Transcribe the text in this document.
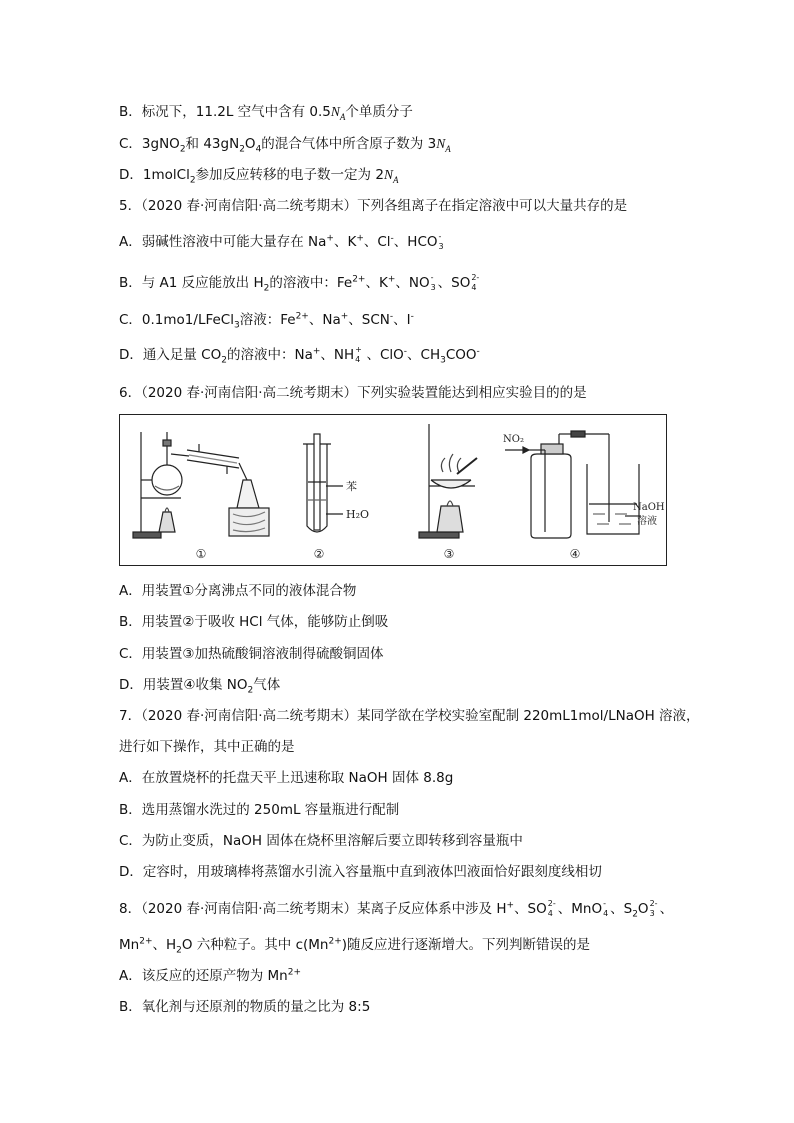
B．标况下，11.2L 空气中含有 $0.5N_A$个单质分子
C．3gNO$_2$和 $43gN_2O_4$的混合气体中所含原子数为 $3N_A$
D．1molCl$_2$参加反应转移的电子数一定为 $2N_A$
5．（2020 春·河南信阳·高二统考期末）下列各组离子在指定溶液中可以大量共存的是
A．弱碱性溶液中可能大量存在 Na+、K+、Cl-、HCO -
3
B．与 A1 反应能放出 $H_2$的溶液中：$Fe^{2+}$、K+、NO -
3 、SO 2-
4
C．0.1mo1/LFeCl$_3$溶液：$Fe^{2+}$、Na+、SCN-、I-
D．通入足量 $CO_2$的溶液中：Na+、NH +
4 、ClO-、$CH_3COO^-$
6．（2020 春·河南信阳·高二统考期末）下列实验装置能达到相应实验目的的是
①
苯
H₂O
②	③
NO₂
NaOH
溶液
④
A．用装置①分离沸点不同的液体混合物
B．用装置②于吸收 HCl 气体，能够防止倒吸
C．用装置③加热硫酸铜溶液制得硫酸铜固体
D．用装置④收集 $NO_2$气体
7．（2020 春·河南信阳·高二统考期末）某同学欲在学校实验室配制 220mL1mol/LNaOH 溶液，
进行如下操作，其中正确的是
A．在放置烧杯的托盘天平上迅速称取 NaOH 固体 8.8g
B．选用蒸馏水洗过的 250mL 容量瓶进行配制
C．为防止变质，NaOH 固体在烧杯里溶解后要立即转移到容量瓶中
D．定容时，用玻璃棒将蒸馏水引流入容量瓶中直到液体凹液面恰好跟刻度线相切
8．（2020 春·河南信阳·高二统考期末）某离子反应体系中涉及 H+、SO 2-
4 、MnO -
4 、$S_2O$ 2-
3 、
$Mn^{2+}$、$H_2O$ 六种粒子。其中 $c(Mn^{2+})$随反应进行逐渐增大。下列判断错误的是
A．该反应的还原产物为 $Mn^{2+}$
B．氧化剂与还原剂的物质的量之比为 8:5
